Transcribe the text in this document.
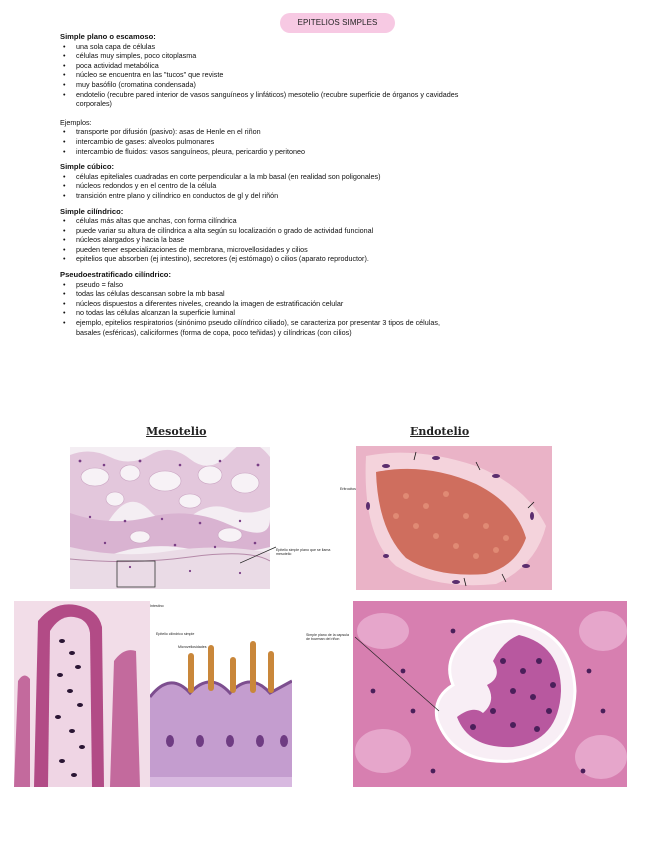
EPITELIOS SIMPLES

Simple plano o escamoso:

• una sola capa de células
• células muy simples, poco citoplasma
• poca actividad metabólica
• núcleo se encuentra en las "tucos" que reviste
• muy basófilo (cromatina condensada)
• endotelio (recubre pared interior de vasos sanguíneos y linfáticos) mesotelio (recubre superficie de órganos y cavidades
corporales)

Ejemplos:

• transporte por difusión (pasivo): asas de Henle en el riñon
• intercambio de gases: alveolos pulmonares
• intercambio de fluidos: vasos sanguíneos, pleura, pericardio y peritoneo

Simple cúbico:

• células epiteliales cuadradas en corte perpendicular a la mb basal (en realidad son poligonales)
• núcleos redondos y en el centro de la célula
• transición entre plano y cilíndrico en conductos de gl y del riñón

Simple cilíndrico:

• células más altas que anchas, con forma cilíndrica
• puede variar su altura de cilíndrica a alta según su localización o grado de actividad funcional
• núcleos alargados y hacia la base
• pueden tener especializaciones de membrana, microvellosidades y cilios
• epitelios que absorben (ej intestino), secretores (ej estómago) o cilios (aparato reproductor).

Pseudoestratificado cilíndrico:

• pseudo = falso
• todas las células descansan sobre la mb basal
• núcleos dispuestos a diferentes niveles, creando la imagen de estratificación celular
• no todas las células alcanzan la superficie luminal
• ejemplo, epitelios respiratorios (sinónimo pseudo cilíndrico ciliado), se caracteriza por presentar 3 tipos de células,
basales (esféricas), caliciformes (forma de copa, poco teñidas) y cilíndricas (con cilios)
Mesotelio	Endotelio
Epitelio simple plano que se llama mesotelio
Eritrocitos
Intestino
Epitelio cilíndrico simple
Microvellosidades
Simple plano de la capsula de bowman del riñon
